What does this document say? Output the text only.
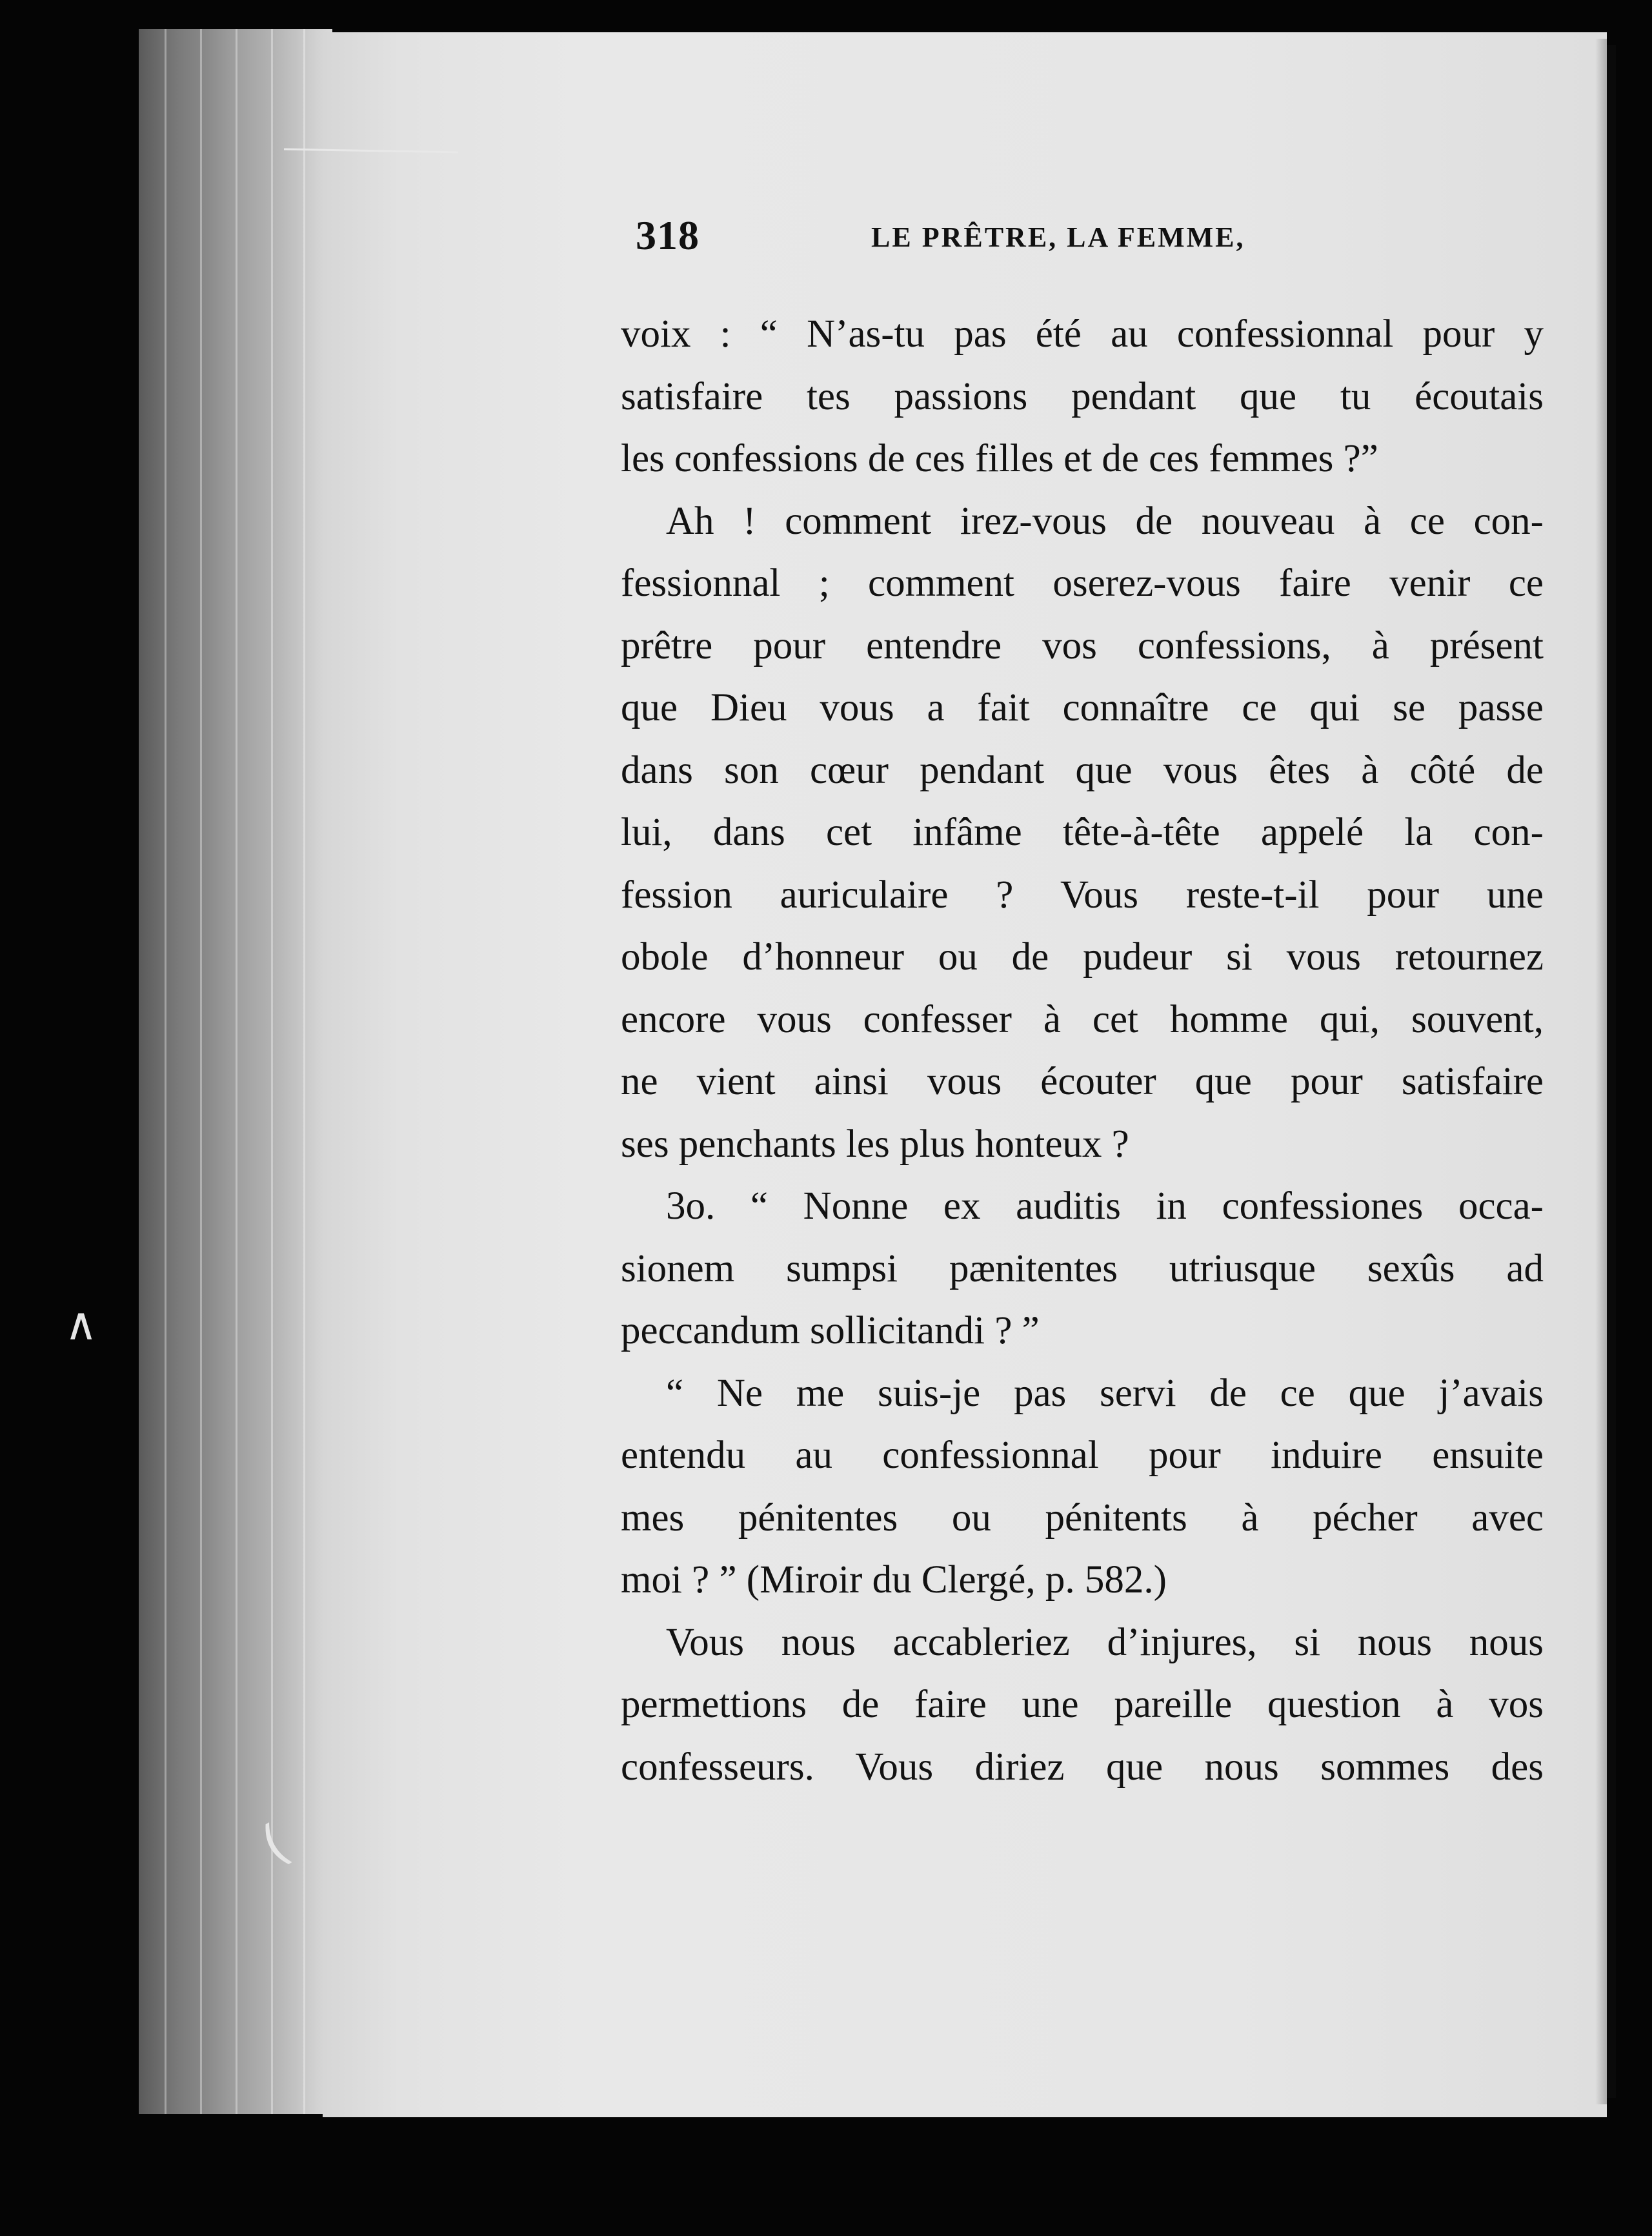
∧
(
318	LE PRÊTRE, LA FEMME,
voix : “ N’as-tu pas été au confessionnal pour y
satisfaire tes passions pendant que tu écoutais
les confessions de ces filles et de ces femmes ?”
Ah ! comment irez-vous de nouveau à ce con-
fessionnal ; comment oserez-vous faire venir ce
prêtre pour entendre vos confessions, à présent
que Dieu vous a fait connaître ce qui se passe
dans son cœur pendant que vous êtes à côté de
lui, dans cet infâme tête-à-tête appelé la con-
fession auriculaire ? Vous reste-t-il pour une
obole d’honneur ou de pudeur si vous retournez
encore vous confesser à cet homme qui, souvent,
ne vient ainsi vous écouter que pour satisfaire
ses penchants les plus honteux ?
3o. “ Nonne ex auditis in confessiones occa-
sionem sumpsi pænitentes utriusque sexûs ad
peccandum sollicitandi ? ”
“ Ne me suis-je pas servi de ce que j’avais
entendu au confessionnal pour induire ensuite
mes pénitentes ou pénitents à pécher avec
moi ? ” (Miroir du Clergé, p. 582.)
Vous nous accableriez d’injures, si nous nous
permettions de faire une pareille question à vos
confesseurs. Vous diriez que nous sommes des
